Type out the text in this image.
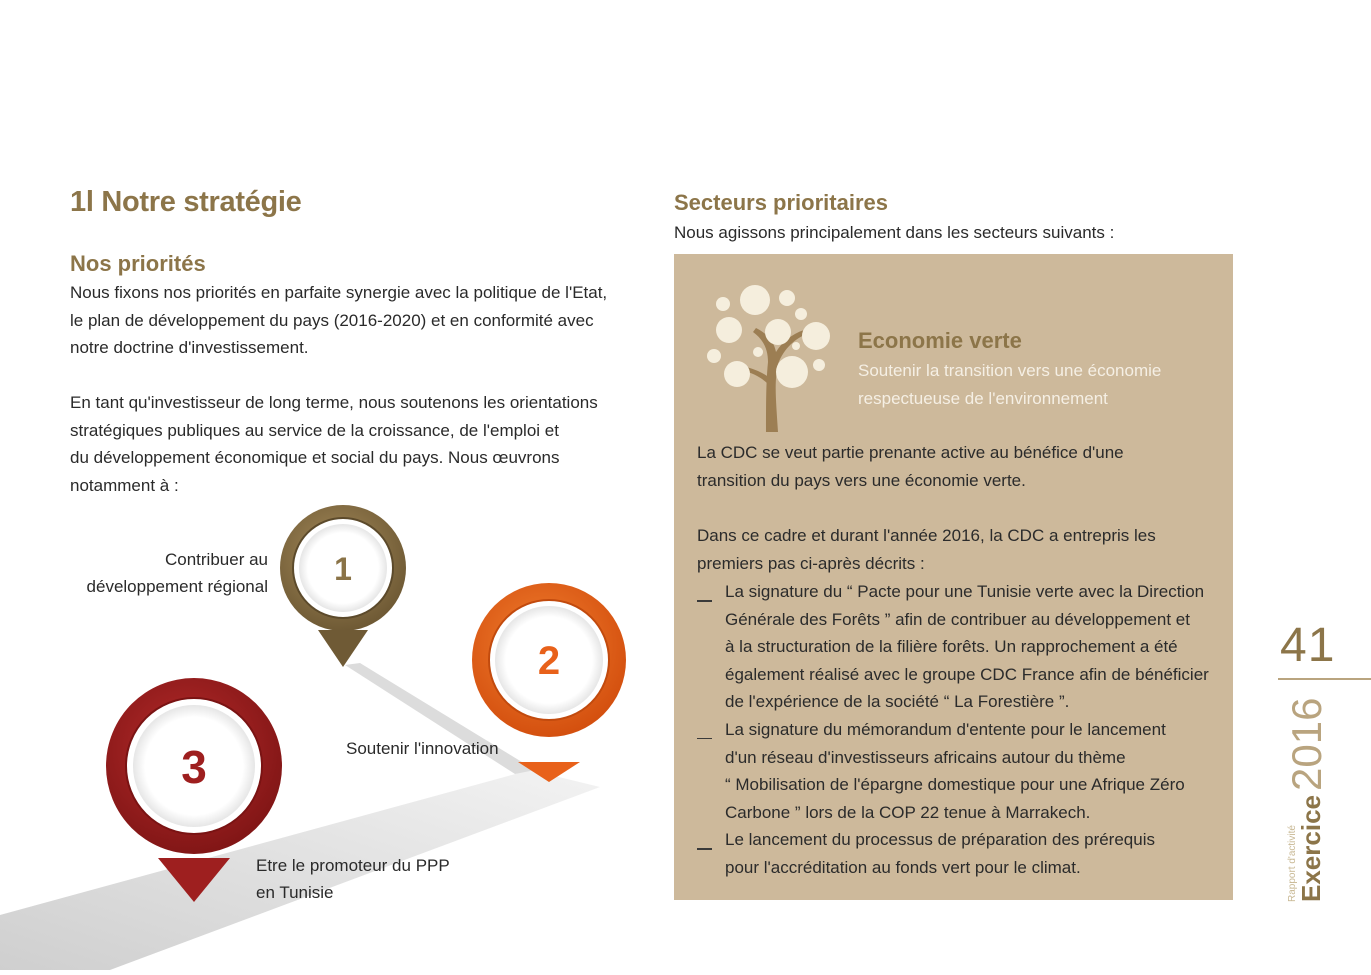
1l Notre stratégie
Nos priorités
Nous fixons nos priorités en parfaite synergie avec la politique de l'Etat,
le plan de développement du pays (2016-2020) et en conformité avec
notre doctrine d'investissement.
En tant qu'investisseur de long terme, nous soutenons les orientations
stratégiques publiques au service de la croissance, de l'emploi et
du développement économique et social du pays. Nous œuvrons
notamment à :
1
2
3
Contribuer au
développement régional
Soutenir l'innovation
Etre le promoteur du PPP
en Tunisie
Secteurs prioritaires
Nous agissons principalement dans les secteurs suivants :
Economie verte
Soutenir la transition vers une économie
respectueuse de l'environnement
La CDC se veut partie prenante active au bénéfice d'une
transition du pays vers une économie verte.
Dans ce cadre et durant l'année 2016, la CDC a entrepris les
premiers pas ci-après décrits :
La signature du “ Pacte pour une Tunisie verte avec la Direction
Générale des Forêts ” afin de contribuer au développement et
à la structuration de la filière forêts. Un rapprochement a été
également réalisé avec le groupe CDC France afin de bénéficier
de l'expérience de la société “ La Forestière ”.
La signature du mémorandum d'entente pour le lancement
d'un réseau d'investisseurs africains autour du thème
“ Mobilisation de l'épargne domestique pour une Afrique Zéro
Carbone ” lors de la COP 22 tenue à Marrakech.
Le lancement du processus de préparation des prérequis
pour l'accréditation au fonds vert pour le climat.
41
Rapport d'activité
Exercice
2016
